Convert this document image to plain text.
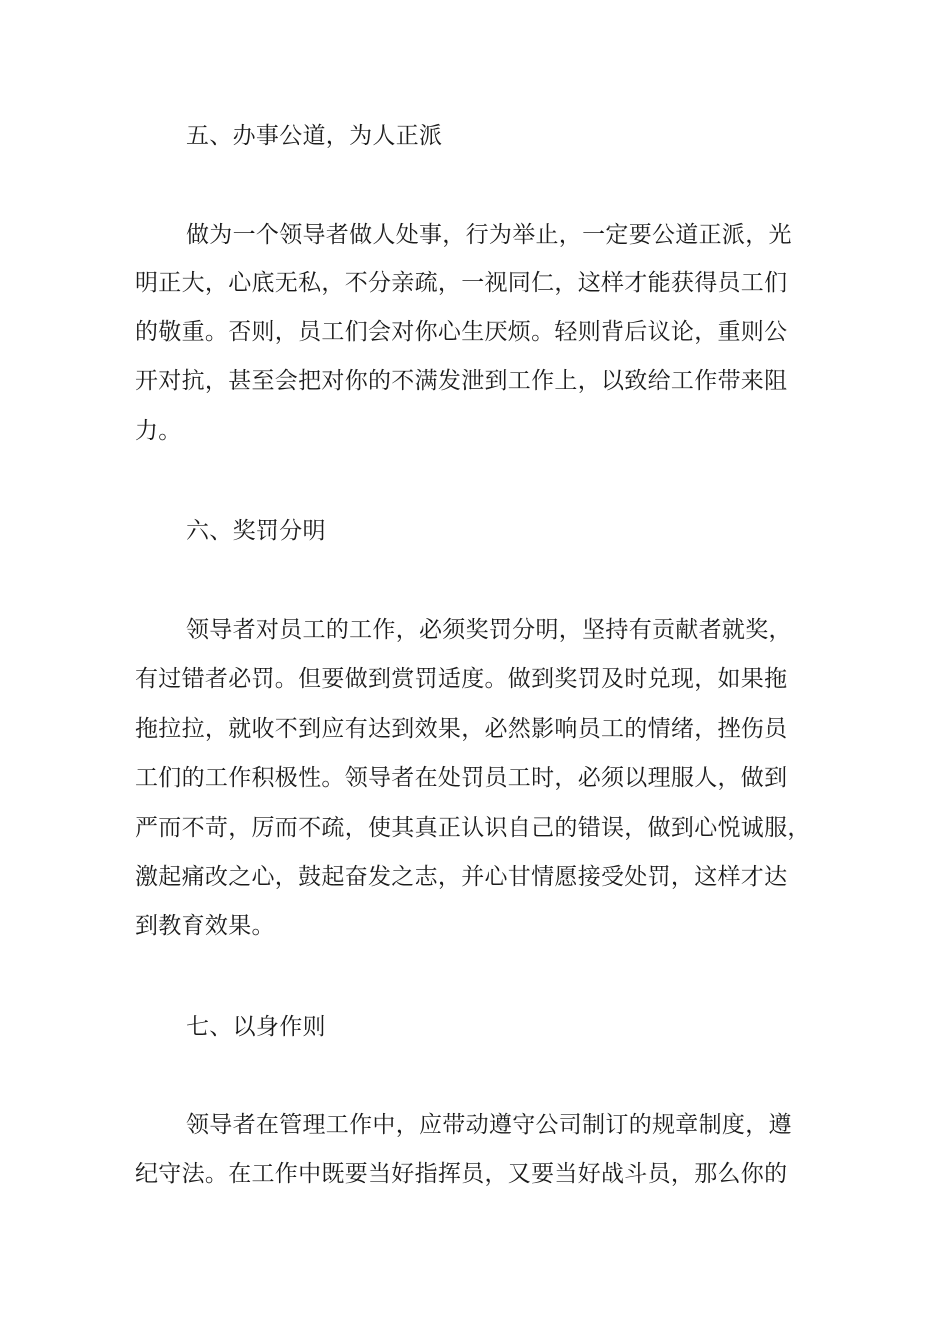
五、办事公道，为人正派
做为一个领导者做人处事，行为举止，一定要公道正派，光
明正大，心底无私，不分亲疏，一视同仁，这样才能获得员工们
的敬重。否则，员工们会对你心生厌烦。轻则背后议论，重则公
开对抗，甚至会把对你的不满发泄到工作上，以致给工作带来阻
力。
六、奖罚分明
领导者对员工的工作，必须奖罚分明，坚持有贡献者就奖，
有过错者必罚。但要做到赏罚适度。做到奖罚及时兑现，如果拖
拖拉拉，就收不到应有达到效果，必然影响员工的情绪，挫伤员
工们的工作积极性。领导者在处罚员工时，必须以理服人，做到
严而不苛，厉而不疏，使其真正认识自己的错误，做到心悦诚服，
激起痛改之心，鼓起奋发之志，并心甘情愿接受处罚，这样才达
到教育效果。
七、以身作则
领导者在管理工作中，应带动遵守公司制订的规章制度，遵
纪守法。在工作中既要当好指挥员，又要当好战斗员，那么你的
